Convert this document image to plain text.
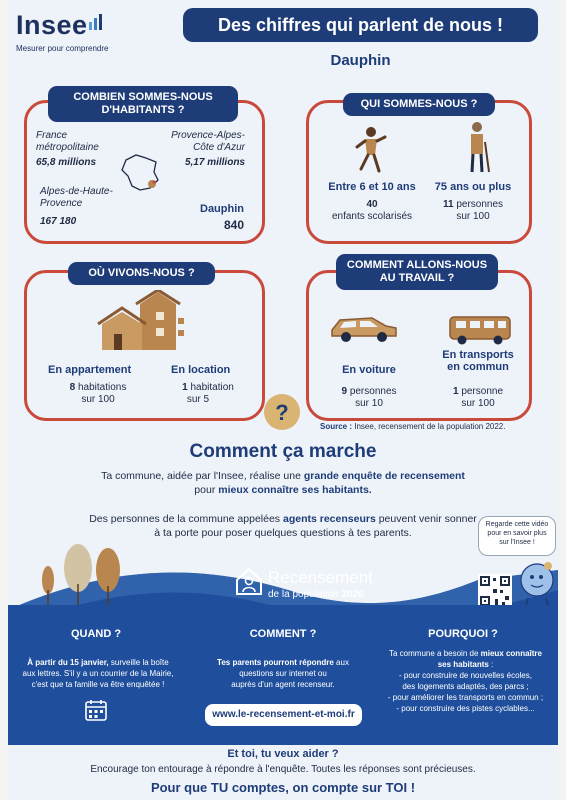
Insee
Mesurer pour comprendre
Des chiffres qui parlent de nous !
Dauphin
COMBIEN SOMMES-NOUS
D'HABITANTS ?
France
métropolitaine
65,8 millions
Provence-Alpes-
Côte d'Azur
5,17 millions
Alpes-de-Haute-
Provence
167 180
Dauphin
840
QUI SOMMES-NOUS ?
Entre 6 et 10 ans
40
enfants scolarisés
75 ans ou plus
11 personnes
sur 100
OÙ VIVONS-NOUS ?
En appartement
8 habitations
sur 100
En location
1 habitation
sur 5
COMMENT ALLONS-NOUS
AU TRAVAIL ?
En voiture
9 personnes
sur 10
En transports
en commun
1 personne
sur 100
?
Source : Insee, recensement de la population 2022.
Comment ça marche
Ta commune, aidée par l'Insee, réalise une grande enquête de recensement
pour mieux connaître ses habitants.
Des personnes de la commune appelées agents recenseurs peuvent venir sonner
à ta porte pour poser quelques questions à tes parents.
Regarde cette vidéo
pour en savoir plus
sur l'Insee !
Recensement
de la population 2026
QUAND ?
À partir du 15 janvier, surveille la boîte
aux lettres. S'il y a un courrier de la Mairie,
c'est que ta famille va être enquêtée !
COMMENT ?
Tes parents pourront répondre aux
questions sur internet ou
auprès d'un agent recenseur.
www.le-recensement-et-moi.fr
POURQUOI ?
Ta commune a besoin de mieux connaître
ses habitants :
- pour construire de nouvelles écoles,
des logements adaptés, des parcs ;
- pour améliorer les transports en commun ;
- pour construire des pistes cyclables...
Et toi, tu veux aider ?
Encourage ton entourage à répondre à l'enquête. Toutes les réponses sont précieuses.
Pour que TU comptes, on compte sur TOI !
